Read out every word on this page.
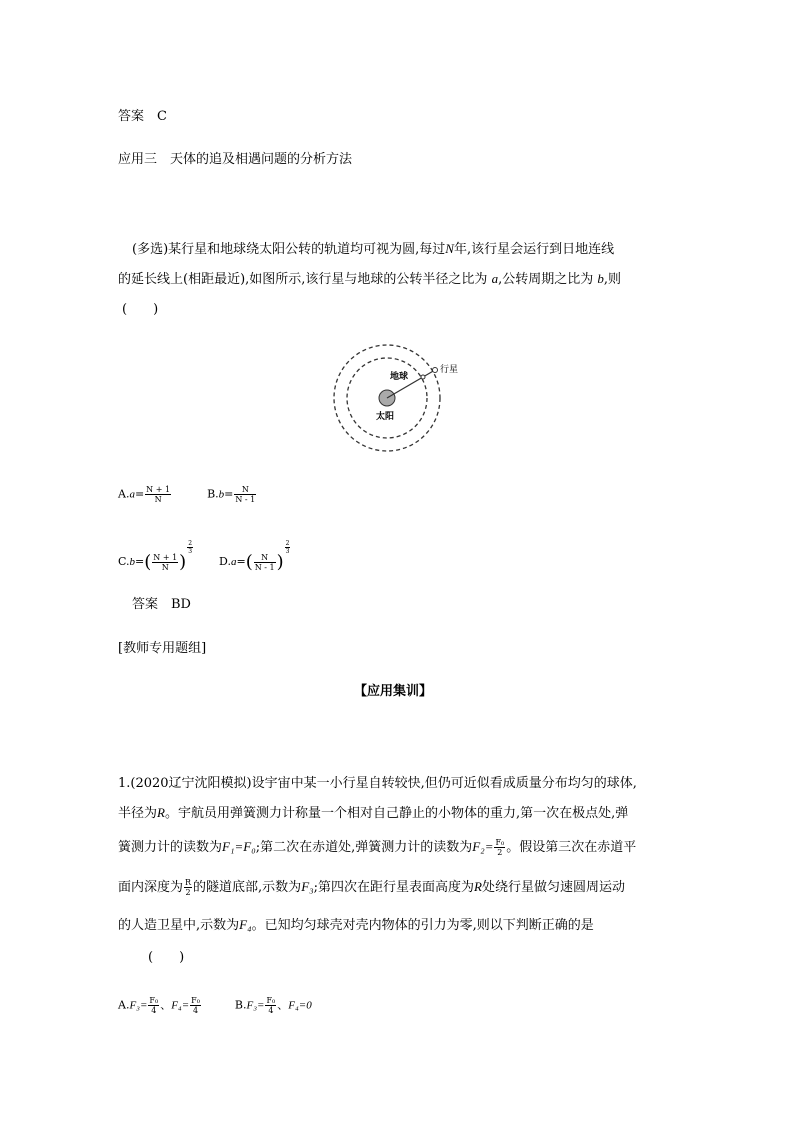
答案　C
应用三　天体的追及相遇问题的分析方法
(多选)某行星和地球绕太阳公转的轨道均可视为圆,每过N年,该行星会运行到日地连线
的延长线上(相距最近),如图所示,该行星与地球的公转半径之比为 a,公转周期之比为 b,则
(　　)
行星
地球
太阳
$A.a= \frac{N + 1}{N}$	$B.b= \frac{N}{N - 1}$
$C.b=( \frac{N + 1}{N}$ )
$\frac{2}{3}$
$D.a=( \frac{N}{N - 1}$ )
$\frac{2}{3}$
答案　BD
[教师专用题组]
【应用集训】
1.(2020辽宁沈阳模拟)设宇宙中某一小行星自转较快,但仍可近似看成质量分布均匀的球体,
半径为R。宇航员用弹簧测力计称量一个相对自己静止的小物体的重力,第一次在极点处,弹
簧测力计的读数为F₁=F₀;第二次在赤道处,弹簧测力计的读数为$F_2= \frac{\text{F₀}}{2}$ 。假设第三次在赤道平
面内深度为 $\frac{R}{2}$ 的隧道底部,示数为F₃;第四次在距行星表面高度为R处绕行星做匀速圆周运动
的人造卫星中,示数为F₄。已知均匀球壳对壳内物体的引力为零,则以下判断正确的是
(　　)
$A.F_3= \frac{\text{F₀}}{4}$ 、$F_4= \frac{\text{F₀}}{4}$	$B.F_3= \frac{\text{F₀}}{4}$ 、F₄=0
